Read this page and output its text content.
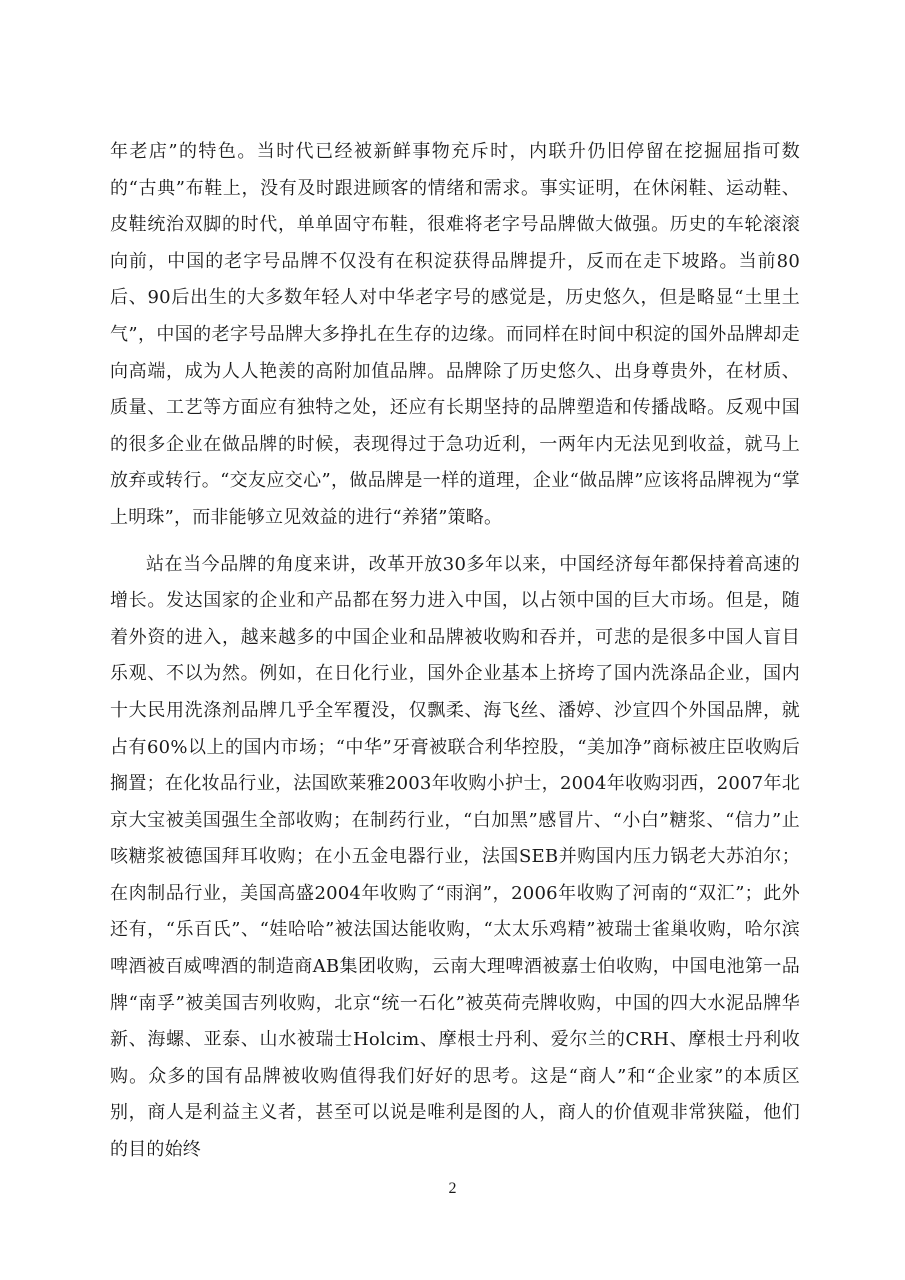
年老店”的特色。当时代已经被新鲜事物充斥时，内联升仍旧停留在挖掘屈指可数的“古典”布鞋上，没有及时跟进顾客的情绪和需求。事实证明，在休闲鞋、运动鞋、皮鞋统治双脚的时代，单单固守布鞋，很难将老字号品牌做大做强。历史的车轮滚滚向前，中国的老字号品牌不仅没有在积淀获得品牌提升，反而在走下坡路。当前80后、90后出生的大多数年轻人对中华老字号的感觉是，历史悠久，但是略显“土里土气”，中国的老字号品牌大多挣扎在生存的边缘。而同样在时间中积淀的国外品牌却走向高端，成为人人艳羡的高附加值品牌。品牌除了历史悠久、出身尊贵外，在材质、质量、工艺等方面应有独特之处，还应有长期坚持的品牌塑造和传播战略。反观中国的很多企业在做品牌的时候，表现得过于急功近利，一两年内无法见到收益，就马上放弃或转行。“交友应交心”，做品牌是一样的道理，企业“做品牌”应该将品牌视为“掌上明珠”，而非能够立见效益的进行“养猪”策略。

站在当今品牌的角度来讲，改革开放30多年以来，中国经济每年都保持着高速的增长。发达国家的企业和产品都在努力进入中国，以占领中国的巨大市场。但是，随着外资的进入，越来越多的中国企业和品牌被收购和吞并，可悲的是很多中国人盲目乐观、不以为然。例如，在日化行业，国外企业基本上挤垮了国内洗涤品企业，国内十大民用洗涤剂品牌几乎全军覆没，仅飘柔、海飞丝、潘婷、沙宣四个外国品牌，就占有60%以上的国内市场；“中华”牙膏被联合利华控股，“美加净”商标被庄臣收购后搁置；在化妆品行业，法国欧莱雅2003年收购小护士，2004年收购羽西，2007年北京大宝被美国强生全部收购；在制药行业，“白加黑”感冒片、“小白”糖浆、“信力”止咳糖浆被德国拜耳收购；在小五金电器行业，法国SEB并购国内压力锅老大苏泊尔；在肉制品行业，美国高盛2004年收购了“雨润”，2006年收购了河南的“双汇”；此外还有，“乐百氏”、“娃哈哈”被法国达能收购，“太太乐鸡精”被瑞士雀巢收购，哈尔滨啤酒被百威啤酒的制造商AB集团收购，云南大理啤酒被嘉士伯收购，中国电池第一品牌“南孚”被美国吉列收购，北京“统一石化”被英荷壳牌收购，中国的四大水泥品牌华新、海螺、亚泰、山水被瑞士Holcim、摩根士丹利、爱尔兰的CRH、摩根士丹利收购。众多的国有品牌被收购值得我们好好的思考。这是“商人”和“企业家”的本质区别，商人是利益主义者，甚至可以说是唯利是图的人，商人的价值观非常狭隘，他们的目的始终

2
